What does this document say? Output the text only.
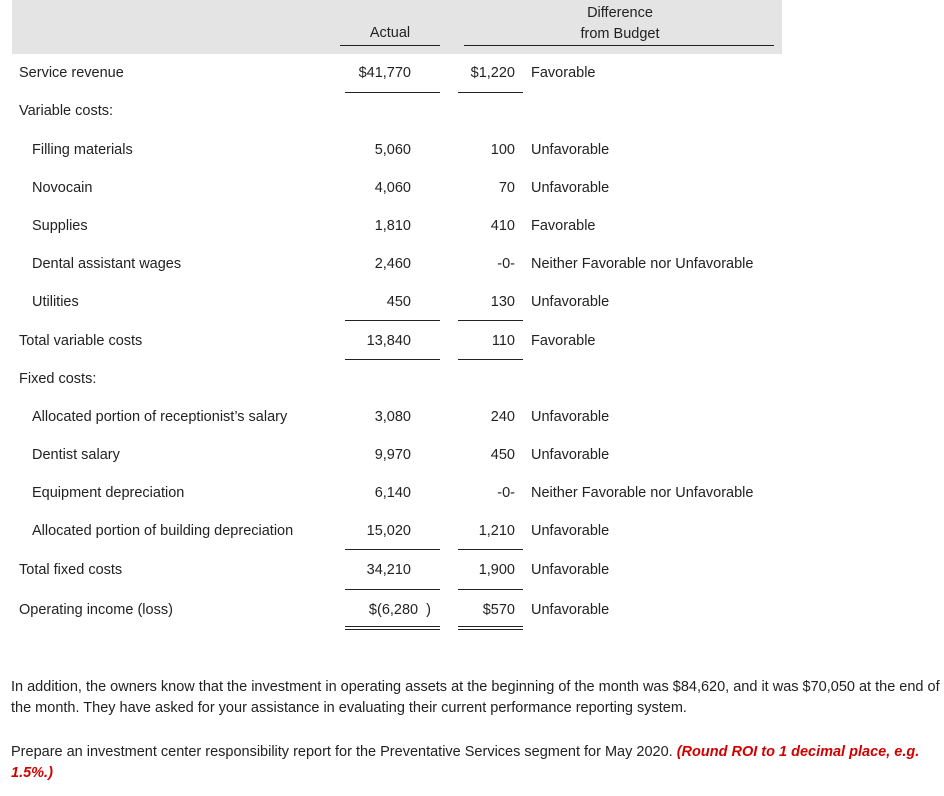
Actual
Difference
from Budget
Service revenue	$41,770	$1,220 Favorable
Variable costs:
Filling materials	5,060	100 Unfavorable
Novocain	4,060	70 Unfavorable
Supplies	1,810	410 Favorable
Dental assistant wages	2,460	-0- Neither Favorable nor Unfavorable
Utilities	450	130 Unfavorable
Total variable costs	13,840	110 Favorable
Fixed costs:
Allocated portion of receptionist’s salary	3,080	240 Unfavorable
Dentist salary	9,970	450 Unfavorable
Equipment depreciation	6,140	-0- Neither Favorable nor Unfavorable
Allocated portion of building depreciation	15,020	1,210 Unfavorable
Total fixed costs	34,210	1,900 Unfavorable
Operating income (loss)	$(6,280  )	$570 Unfavorable
In addition, the owners know that the investment in operating assets at the beginning of the month was $84,620, and it was $70,050 at the end of the month. They have asked for your assistance in evaluating their current performance reporting system.
Prepare an investment center responsibility report for the Preventative Services segment for May 2020. (Round ROI to 1 decimal place, e.g. 1.5%.)
